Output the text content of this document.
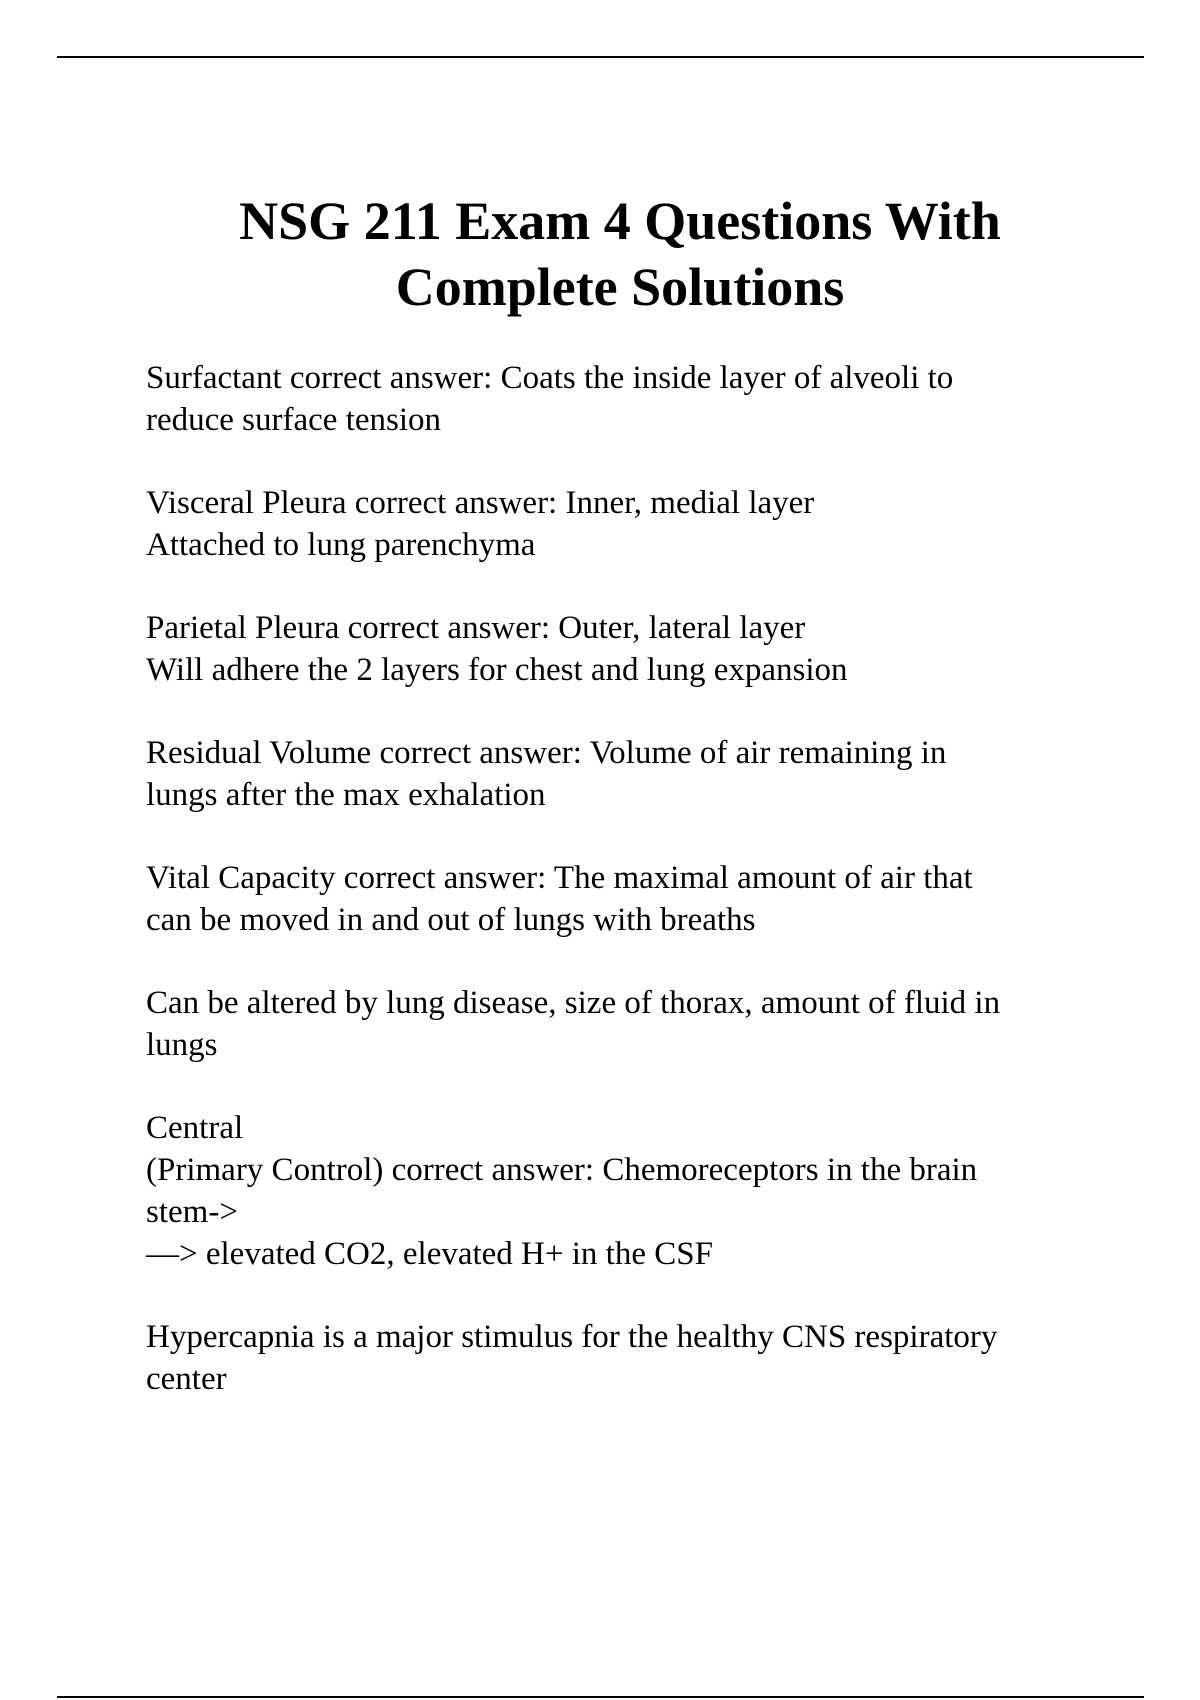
NSG 211 Exam 4 Questions With
Complete Solutions

Surfactant correct answer: Coats the inside layer of alveoli to
reduce surface tension

Visceral Pleura correct answer: Inner, medial layer
Attached to lung parenchyma

Parietal Pleura correct answer: Outer, lateral layer
Will adhere the 2 layers for chest and lung expansion

Residual Volume correct answer: Volume of air remaining in
lungs after the max exhalation

Vital Capacity correct answer: The maximal amount of air that
can be moved in and out of lungs with breaths

Can be altered by lung disease, size of thorax, amount of fluid in
lungs

Central
(Primary Control) correct answer: Chemoreceptors in the brain
stem->
—> elevated CO2, elevated H+ in the CSF

Hypercapnia is a major stimulus for the healthy CNS respiratory
center
